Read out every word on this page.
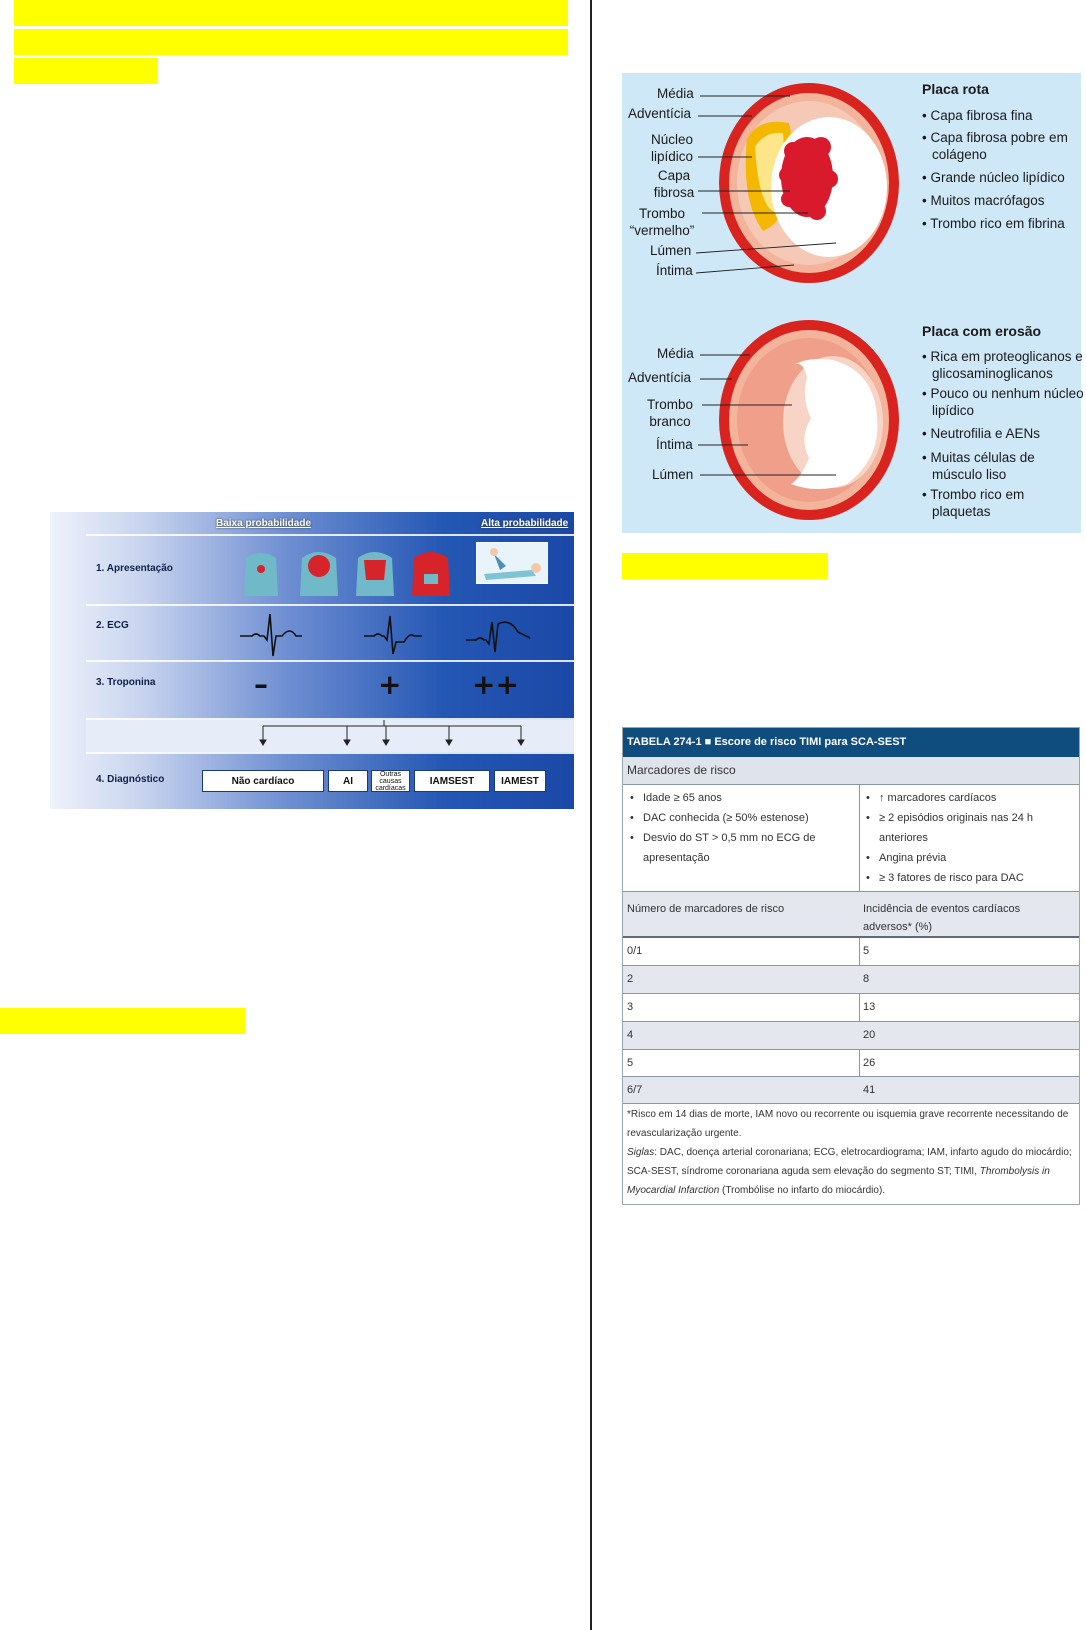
Baixa probabilidade	Alta probabilidade
1. Apresentação
2. ECG
3. Troponina
4. Diagnóstico
–	+	++
Não cardíaco	AI
Outras causas cardíacas
IAMSEST	IAMEST
Média
Adventícia
Núcleo lipídico
Capa fibrosa
Trombo “vermelho”
Lúmen
Íntima
Placa rota
• Capa fibrosa fina
• Capa fibrosa pobre em colágeno
• Grande núcleo lipídico
• Muitos macrófagos
• Trombo rico em fibrina
Média
Adventícia
Trombo branco
Íntima
Lúmen
Placa com erosão
• Rica em proteoglicanos e glicosaminoglicanos
• Pouco ou nenhum núcleo lipídico
• Neutrofilia e AENs
• Muitas células de músculo liso
• Trombo rico em plaquetas
TABELA 274-1 ■ Escore de risco TIMI para SCA-SEST
Marcadores de risco
• Idade ≥ 65 anos
• DAC conhecida (≥ 50% estenose)
• Desvio do ST > 0,5 mm no ECG de apresentação
• ↑ marcadores cardíacos
• ≥ 2 episódios originais nas 24 h anteriores
• Angina prévia
• ≥ 3 fatores de risco para DAC
Número de marcadores de risco	Incidência de eventos cardíacos adversos* (%)
0/1	5
2	8
3	13
4	20
5	26
6/7	41
*Risco em 14 dias de morte, IAM novo ou recorrente ou isquemia grave recorrente necessitando de revascularização urgente.
Siglas: DAC, doença arterial coronariana; ECG, eletrocardiograma; IAM, infarto agudo do miocárdio; SCA-SEST, síndrome coronariana aguda sem elevação do segmento ST; TIMI, Thrombolysis in Myocardial Infarction (Trombólise no infarto do miocárdio).
